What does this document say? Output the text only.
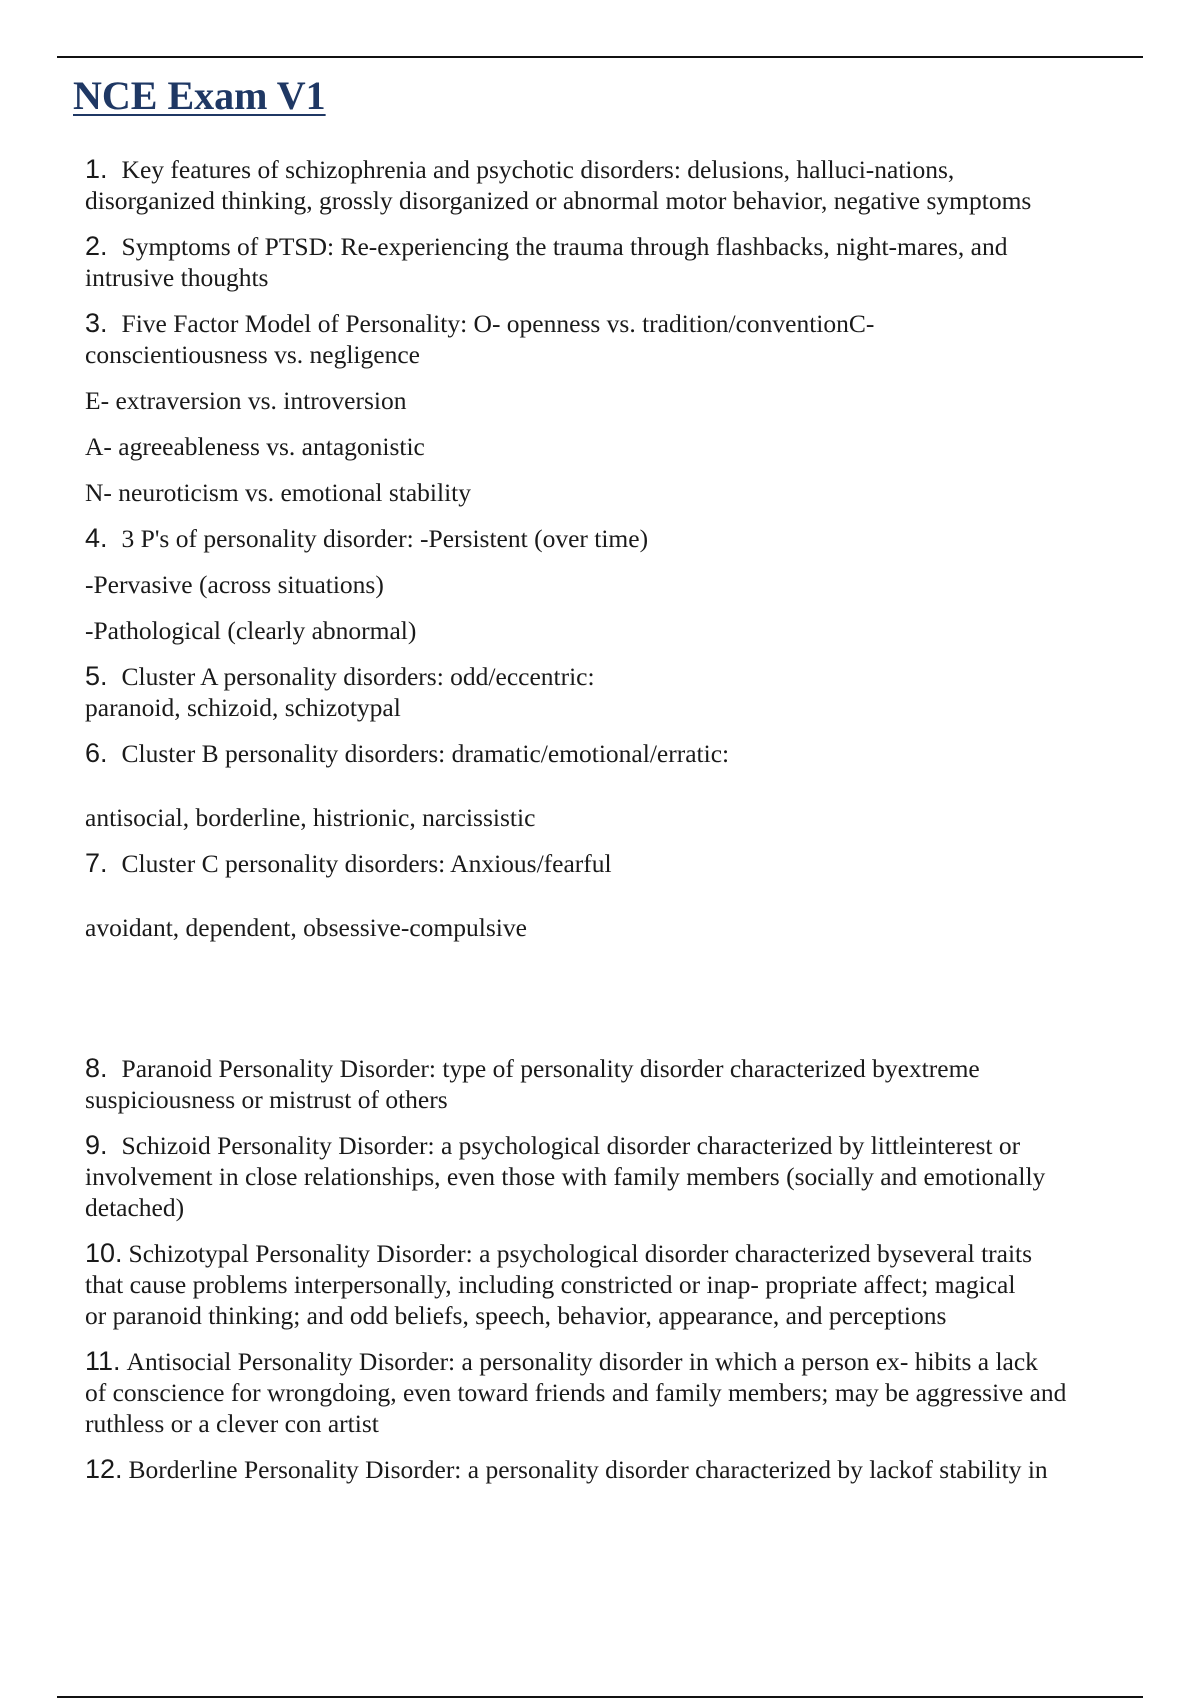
NCE Exam V1
1. Key features of schizophrenia and psychotic disorders: delusions, halluci-nations,
disorganized thinking, grossly disorganized or abnormal motor behavior, negative symptoms
2. Symptoms of PTSD: Re-experiencing the trauma through flashbacks, night-mares, and
intrusive thoughts
3. Five Factor Model of Personality: O- openness vs. tradition/conventionC-
conscientiousness vs. negligence
E- extraversion vs. introversion
A- agreeableness vs. antagonistic
N- neuroticism vs. emotional stability
4. 3 P's of personality disorder: -Persistent (over time)
-Pervasive (across situations)
-Pathological (clearly abnormal)
5. Cluster A personality disorders: odd/eccentric:
paranoid, schizoid, schizotypal
6. Cluster B personality disorders: dramatic/emotional/erratic:
antisocial, borderline, histrionic, narcissistic
7. Cluster C personality disorders: Anxious/fearful
avoidant, dependent, obsessive-compulsive
8. Paranoid Personality Disorder: type of personality disorder characterized byextreme
suspiciousness or mistrust of others
9. Schizoid Personality Disorder: a psychological disorder characterized by littleinterest or
involvement in close relationships, even those with family members (socially and emotionally
detached)
10. Schizotypal Personality Disorder: a psychological disorder characterized byseveral traits
that cause problems interpersonally, including constricted or inap- propriate affect; magical
or paranoid thinking; and odd beliefs, speech, behavior, appearance, and perceptions
11. Antisocial Personality Disorder: a personality disorder in which a person ex- hibits a lack
of conscience for wrongdoing, even toward friends and family members; may be aggressive and
ruthless or a clever con artist
12. Borderline Personality Disorder: a personality disorder characterized by lackof stability in
